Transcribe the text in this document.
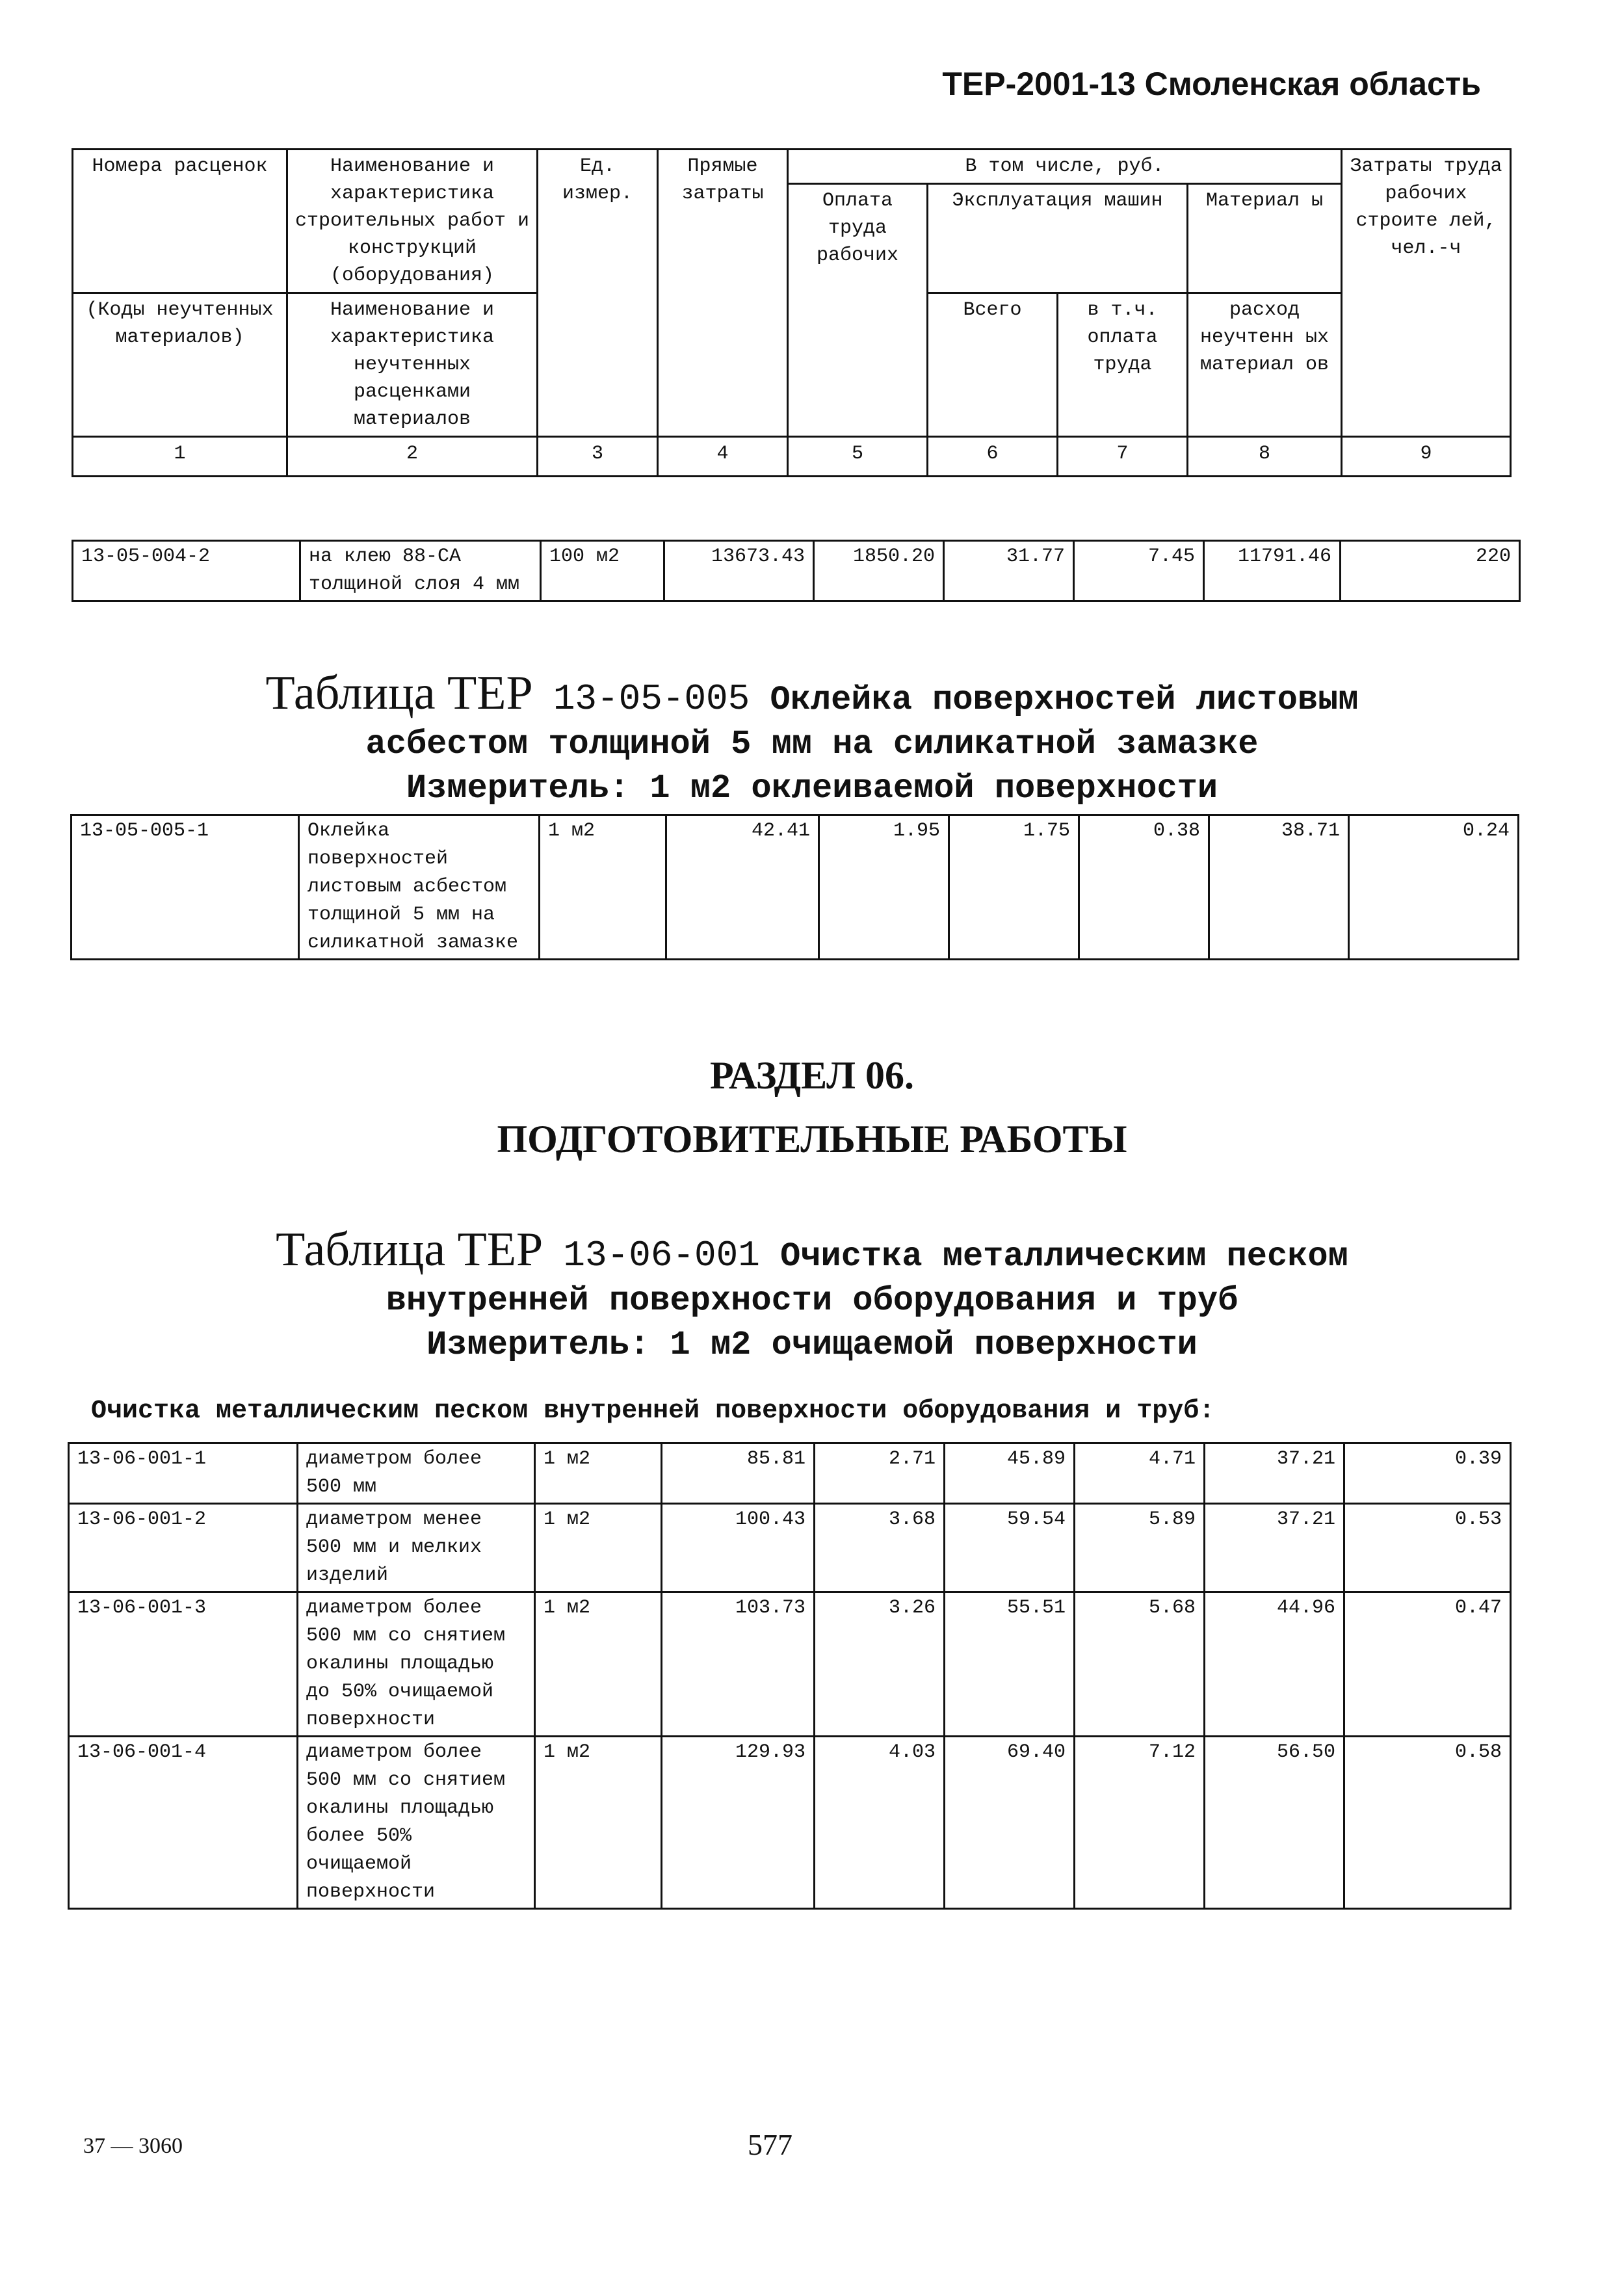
ТЕР-2001-13 Смоленская область
Номера расценок	Наименование и характеристика строительных работ и конструкций (оборудования)	Ед. измер.	Прямые затраты	В том числе, руб.				Затраты труда рабочих строите лей, чел.-ч
				Оплата труда рабочих	Эксплуатация машин		Материал ы	
(Коды неучтенных материалов)	Наименование и характеристика неучтенных расценками материалов				Всего	в т.ч. оплата труда	расход неучтенн ых материал ов	
1	2	3	4	5	6	7	8	9
13-05-004-2	на клею 88-СА толщиной слоя 4 мм	100 м2	13673.43	1850.20	31.77	7.45	11791.46	220
Таблица ТЕР 13-05-005 Оклейка поверхностей листовым
асбестом толщиной 5 мм на силикатной замазке
Измеритель: 1 м2 оклеиваемой поверхности
13-05-005-1	Оклейка поверхностей листовым асбестом толщиной 5 мм на силикатной замазке	1 м2	42.41	1.95	1.75	0.38	38.71	0.24
РАЗДЕЛ 06.
ПОДГОТОВИТЕЛЬНЫЕ РАБОТЫ
Таблица ТЕР 13-06-001 Очистка металлическим песком
внутренней поверхности оборудования и труб
Измеритель: 1 м2 очищаемой поверхности
Очистка металлическим песком внутренней поверхности оборудования и труб:
13-06-001-1	диаметром более 500 мм	1 м2	85.81	2.71	45.89	4.71	37.21	0.39
13-06-001-2	диаметром менее 500 мм и мелких изделий	1 м2	100.43	3.68	59.54	5.89	37.21	0.53
13-06-001-3	диаметром более 500 мм со снятием окалины площадью до 50% очищаемой поверхности	1 м2	103.73	3.26	55.51	5.68	44.96	0.47
13-06-001-4	диаметром более 500 мм со снятием окалины площадью более 50% очищаемой поверхности	1 м2	129.93	4.03	69.40	7.12	56.50	0.58
37 — 3060	577
